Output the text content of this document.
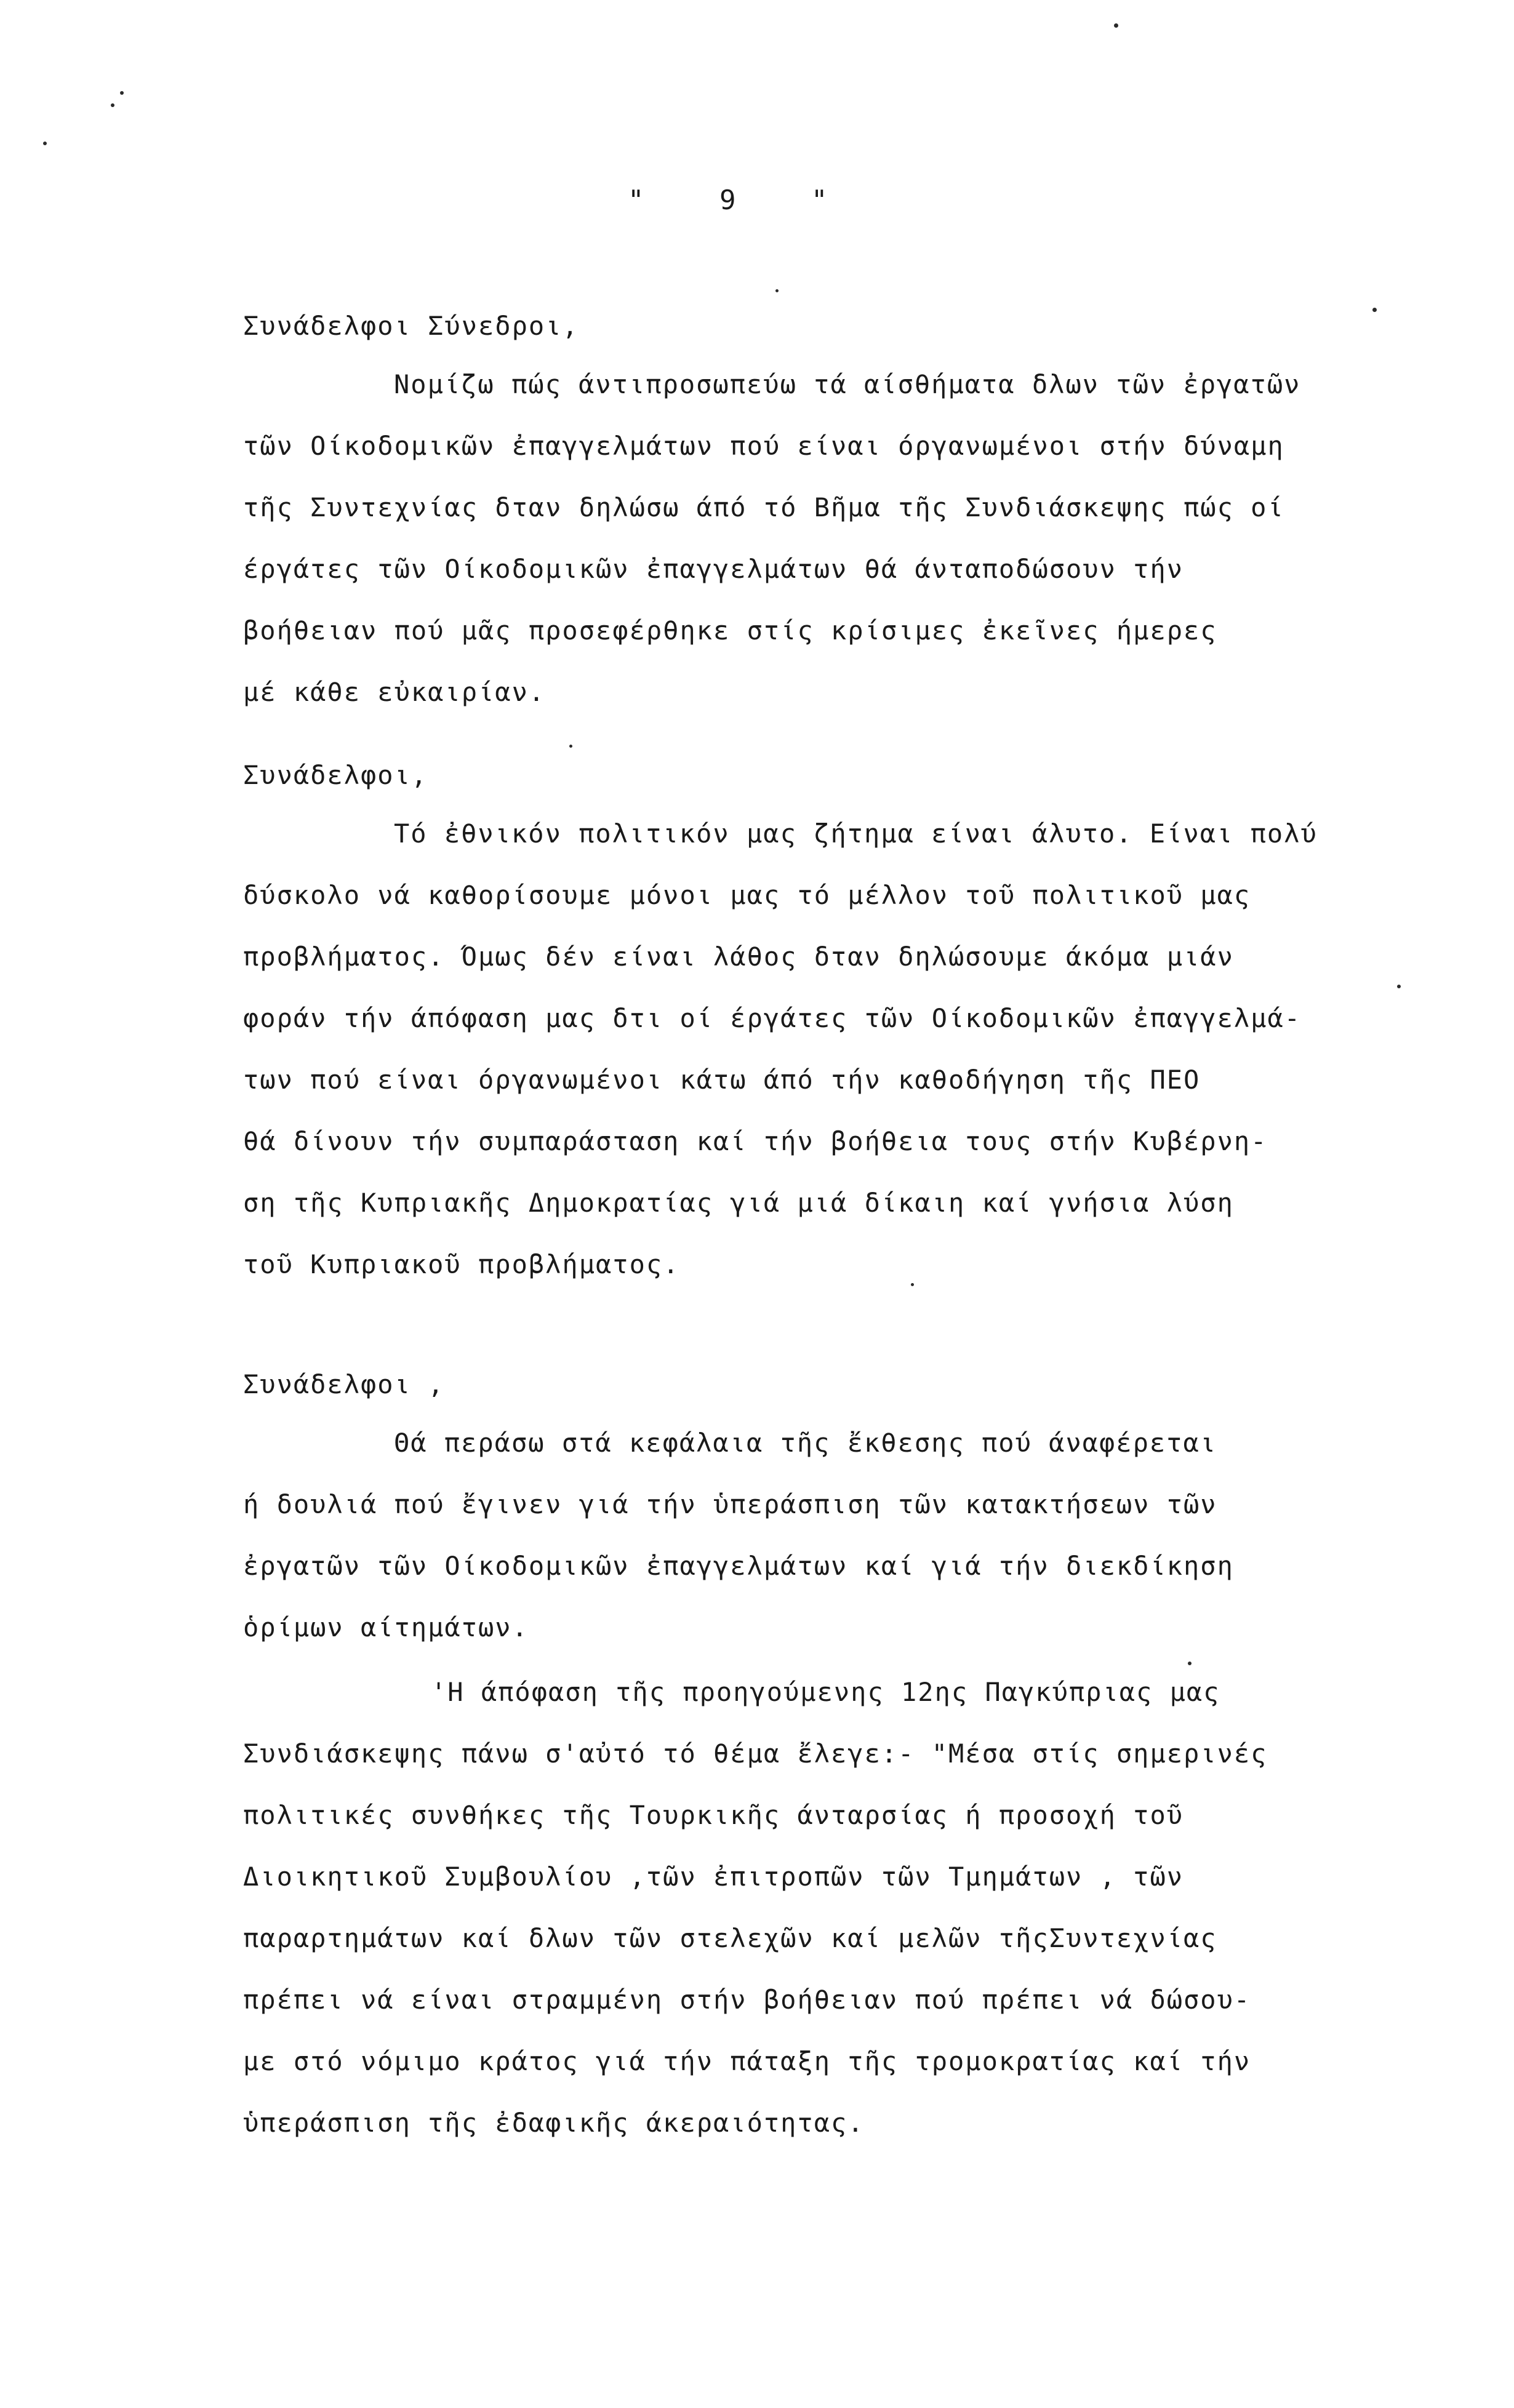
" 9 "
Συνάδελφοι Σύνεδροι,
Νομίζω πώς άντιπροσωπεύω τά αίσθήματα δλων τῶν ἐργατῶν
τῶν Οίκοδομικῶν ἐπαγγελμάτων πού είναι όργανωμένοι στήν δύναμη
τῆς Συντεχνίας δταν δηλώσω άπό τό Βῆμα τῆς Συνδιάσκεψης πώς οί
έργάτες τῶν Οίκοδομικῶν ἐπαγγελμάτων θά άνταποδώσουν τήν
βοήθειαν πού μᾶς προσεφέρθηκε στίς κρίσιμες ἐκεῖνες ήμερες
μέ κάθε εὐκαιρίαν.
Συνάδελφοι,
Τό ἐθνικόν πολιτικόν μας ζήτημα είναι άλυτο. Είναι πολύ
δύσκολο νά καθορίσουμε μόνοι μας τό μέλλον τοῦ πολιτικοῦ μας
προβλήματος. Όμως δέν είναι λάθος δταν δηλώσουμε άκόμα μιάν
φοράν τήν άπόφαση μας δτι οί έργάτες τῶν Οίκοδομικῶν ἐπαγγελμά-
των πού είναι όργανωμένοι κάτω άπό τήν καθοδήγηση τῆς ΠΕΟ
θά δίνουν τήν συμπαράσταση καί τήν βοήθεια τους στήν Κυβέρνη-
ση τῆς Κυπριακῆς Δημοκρατίας γιά μιά δίκαιη καί γνήσια λύση
τοῦ Κυπριακοῦ προβλήματος.
Συνάδελφοι ,
Θά περάσω στά κεφάλαια τῆς ἔκθεσης πού άναφέρεται
ή δουλιά πού ἔγινεν γιά τήν ὑπεράσπιση τῶν κατακτήσεων τῶν
ἐργατῶν τῶν Οίκοδομικῶν ἐπαγγελμάτων καί γιά τήν διεκδίκηση
ὁρίμων αίτημάτων.
'Η άπόφαση τῆς προηγούμενης 12ης Παγκύπριας μας
Συνδιάσκεψης πάνω σ'αὐτό τό θέμα ἔλεγε:- "Μέσα στίς σημερινές
πολιτικές συνθήκες τῆς Τουρκικῆς άνταρσίας ή προσοχή τοῦ
Διοικητικοῦ Συμβουλίου ,τῶν ἐπιτροπῶν τῶν Τμημάτων , τῶν
παραρτημάτων καί δλων τῶν στελεχῶν καί μελῶν τῆςΣυντεχνίας
πρέπει νά είναι στραμμένη στήν βοήθειαν πού πρέπει νά δώσου-
με στό νόμιμο κράτος γιά τήν πάταξη τῆς τρομοκρατίας καί τήν
ὑπεράσπιση τῆς ἐδαφικῆς άκεραιότητας.
